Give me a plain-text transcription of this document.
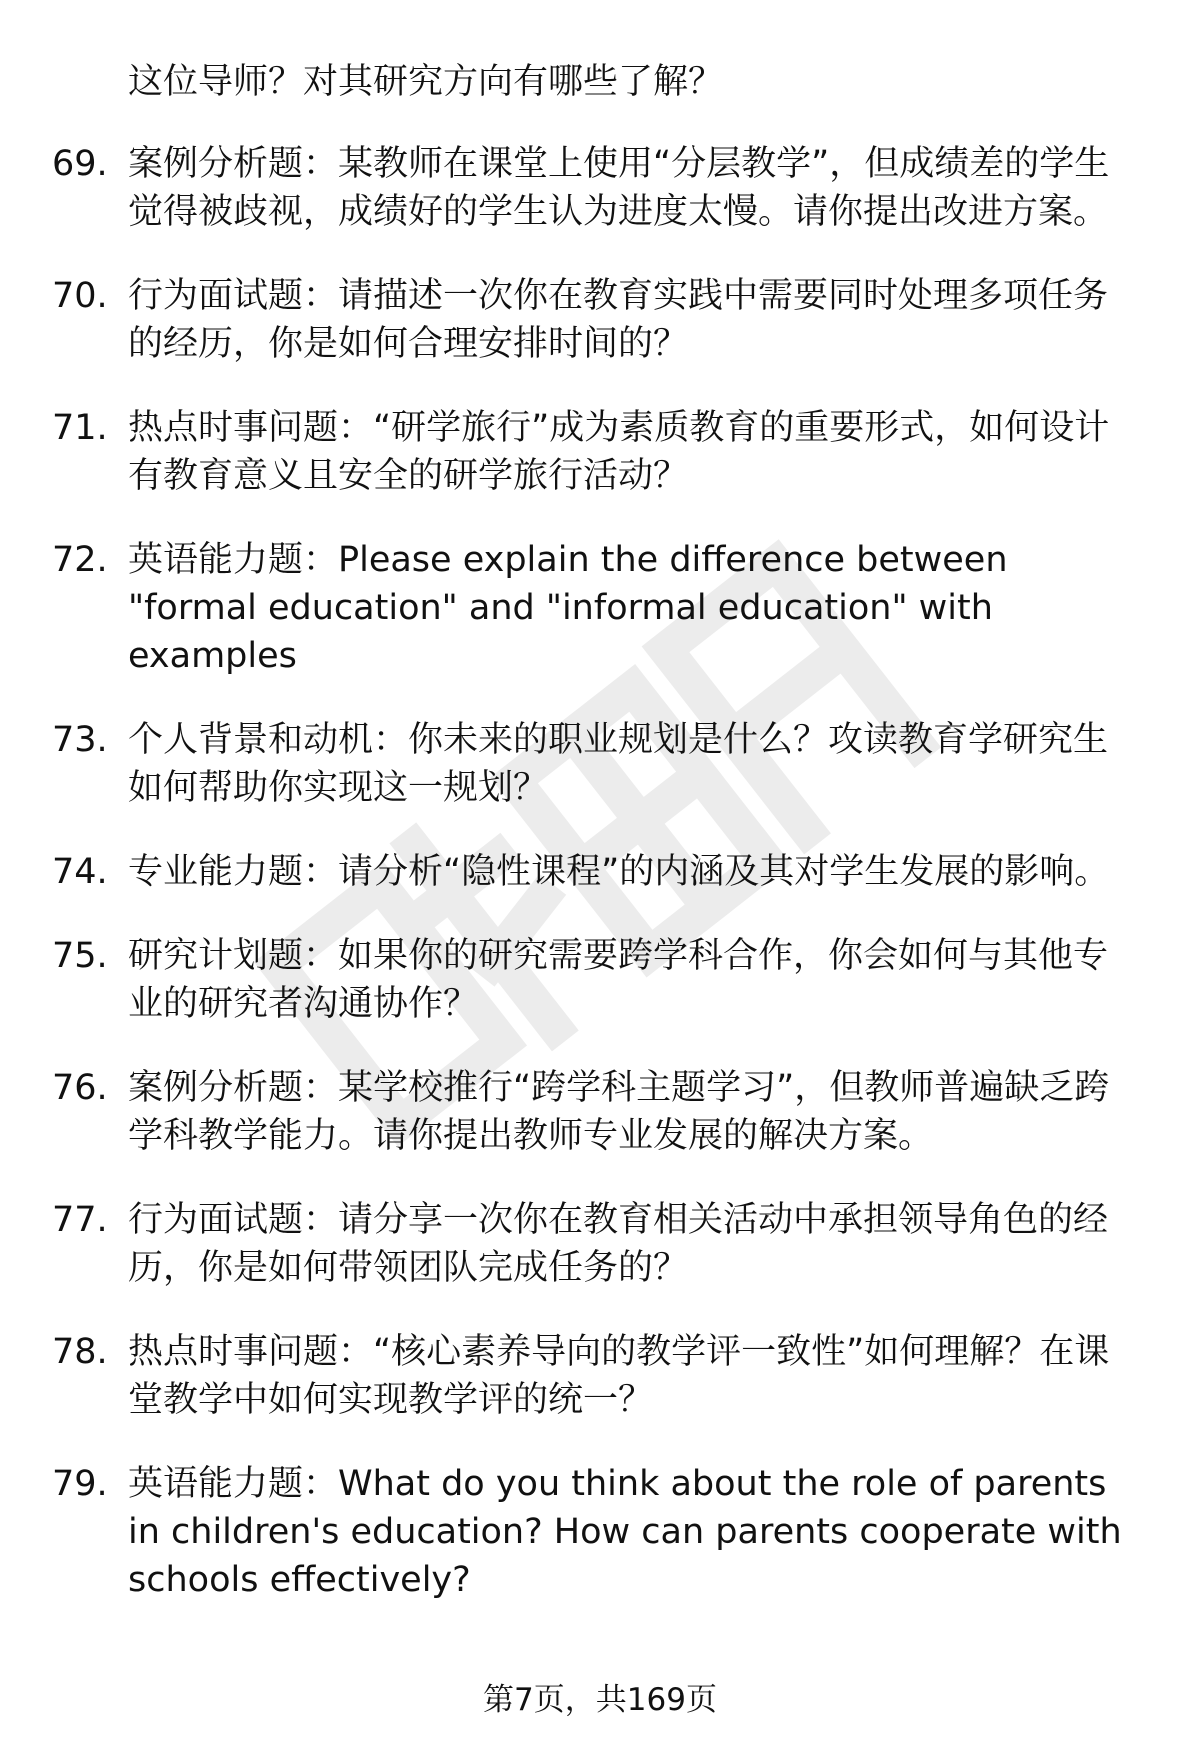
这位导师？对其研究方向有哪些了解？

69. 案例分析题：某教师在课堂上使用“分层教学”，但成绩差的学生觉得被歧视，成绩好的学生认为进度太慢。请你提出改进方案。

70. 行为面试题：请描述一次你在教育实践中需要同时处理多项任务的经历，你是如何合理安排时间的？

71. 热点时事问题：“研学旅行”成为素质教育的重要形式，如何设计有教育意义且安全的研学旅行活动？

72. 英语能力题：Please explain the difference between "formal education" and "informal education" with examples

73. 个人背景和动机：你未来的职业规划是什么？攻读教育学研究生如何帮助你实现这一规划？

74. 专业能力题：请分析“隐性课程”的内涵及其对学生发展的影响。

75. 研究计划题：如果你的研究需要跨学科合作，你会如何与其他专业的研究者沟通协作？

76. 案例分析题：某学校推行“跨学科主题学习”，但教师普遍缺乏跨学科教学能力。请你提出教师专业发展的解决方案。

77. 行为面试题：请分享一次你在教育相关活动中承担领导角色的经历，你是如何带领团队完成任务的？

78. 热点时事问题：“核心素养导向的教学评一致性”如何理解？在课堂教学中如何实现教学评的统一？

79. 英语能力题：What do you think about the role of parents in children's education? How can parents cooperate with schools effectively?

第7页，共169页
